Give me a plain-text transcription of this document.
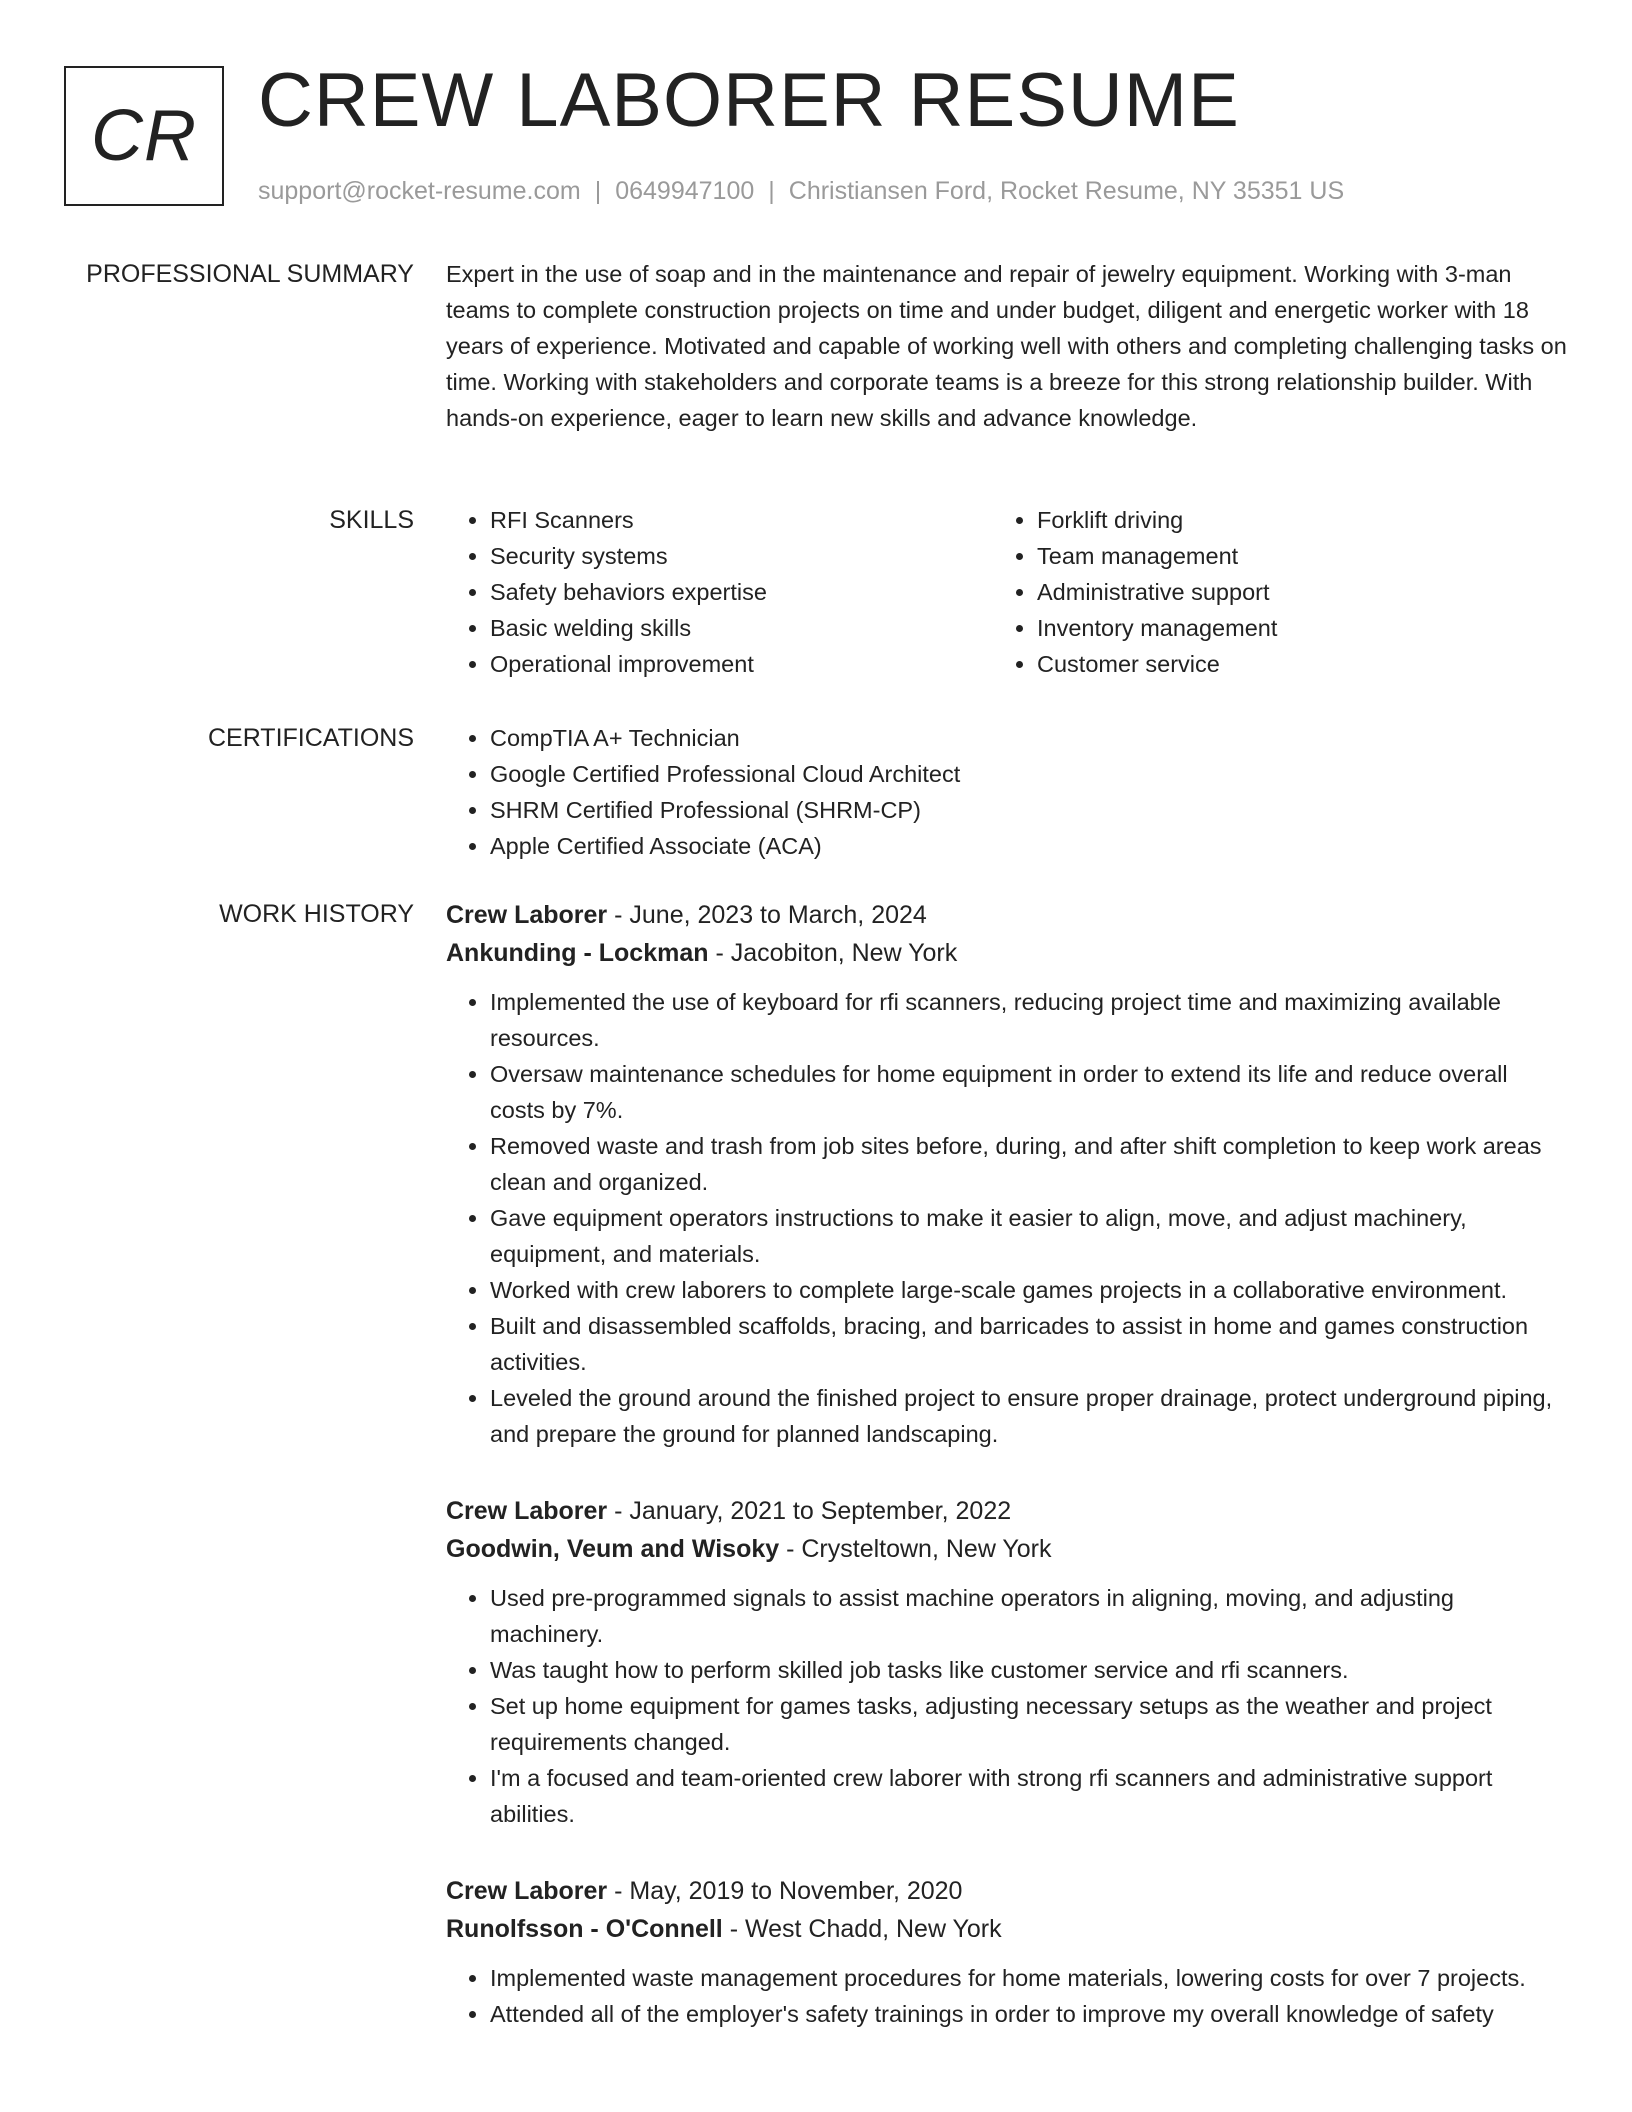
CR CREW LABORER RESUME
support@rocket-resume.com | 0649947100 | Christiansen Ford, Rocket Resume, NY 35351 US
PROFESSIONAL SUMMARY Expert in the use of soap and in the maintenance and repair of jewelry equipment. Working with 3-man teams to complete construction projects on time and under budget, diligent and energetic worker with 18 years of experience. Motivated and capable of working well with others and completing challenging tasks on time. Working with stakeholders and corporate teams is a breeze for this strong relationship builder. With hands-on experience, eager to learn new skills and advance knowledge.
SKILLS	• RFI Scanners
• Security systems
• Safety behaviors expertise
• Basic welding skills
• Operational improvement
• Forklift driving
• Team management
• Administrative support
• Inventory management
• Customer service
CERTIFICATIONS	• CompTIA A+ Technician
• Google Certified Professional Cloud Architect
• SHRM Certified Professional (SHRM-CP)
• Apple Certified Associate (ACA)
WORK HISTORY Crew Laborer - June, 2023 to March, 2024
Ankunding - Lockman - Jacobiton, New York
• Implemented the use of keyboard for rfi scanners, reducing project time and maximizing available resources.
• Oversaw maintenance schedules for home equipment in order to extend its life and reduce overall costs by 7%.
• Removed waste and trash from job sites before, during, and after shift completion to keep work areas clean and organized.
• Gave equipment operators instructions to make it easier to align, move, and adjust machinery, equipment, and materials.
• Worked with crew laborers to complete large-scale games projects in a collaborative environment.
• Built and disassembled scaffolds, bracing, and barricades to assist in home and games construction activities.
• Leveled the ground around the finished project to ensure proper drainage, protect underground piping, and prepare the ground for planned landscaping.
Crew Laborer - January, 2021 to September, 2022
Goodwin, Veum and Wisoky - Crysteltown, New York
• Used pre-programmed signals to assist machine operators in aligning, moving, and adjusting machinery.
• Was taught how to perform skilled job tasks like customer service and rfi scanners.
• Set up home equipment for games tasks, adjusting necessary setups as the weather and project requirements changed.
• I'm a focused and team-oriented crew laborer with strong rfi scanners and administrative support abilities.
Crew Laborer - May, 2019 to November, 2020
Runolfsson - O'Connell - West Chadd, New York
• Implemented waste management procedures for home materials, lowering costs for over 7 projects.
• Attended all of the employer's safety trainings in order to improve my overall knowledge of safety
